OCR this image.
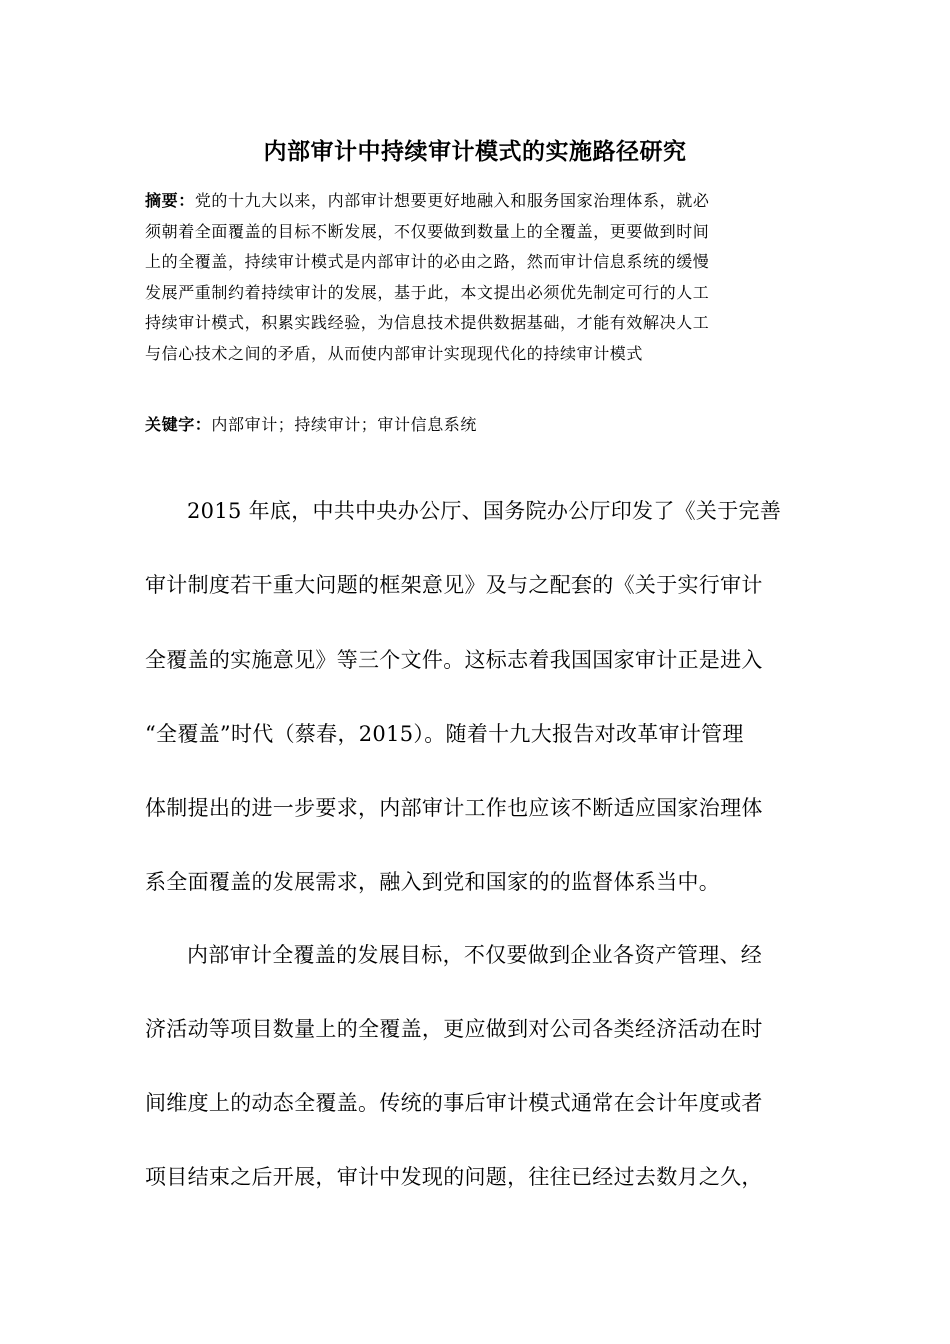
内部审计中持续审计模式的实施路径研究
摘要：党的十九大以来，内部审计想要更好地融入和服务国家治理体系，就必
须朝着全面覆盖的目标不断发展，不仅要做到数量上的全覆盖，更要做到时间
上的全覆盖，持续审计模式是内部审计的必由之路，然而审计信息系统的缓慢
发展严重制约着持续审计的发展，基于此，本文提出必须优先制定可行的人工
持续审计模式，积累实践经验，为信息技术提供数据基础，才能有效解决人工
与信心技术之间的矛盾，从而使内部审计实现现代化的持续审计模式
关键字：内部审计；持续审计；审计信息系统
2015 年底，中共中央办公厅、国务院办公厅印发了《关于完善
审计制度若干重大问题的框架意见》及与之配套的《关于实行审计
全覆盖的实施意见》等三个文件。这标志着我国国家审计正是进入
“全覆盖”时代（蔡春，2015）。随着十九大报告对改革审计管理
体制提出的进一步要求，内部审计工作也应该不断适应国家治理体
系全面覆盖的发展需求，融入到党和国家的的监督体系当中。
内部审计全覆盖的发展目标，不仅要做到企业各资产管理、经
济活动等项目数量上的全覆盖，更应做到对公司各类经济活动在时
间维度上的动态全覆盖。传统的事后审计模式通常在会计年度或者
项目结束之后开展，审计中发现的问题，往往已经过去数月之久，
